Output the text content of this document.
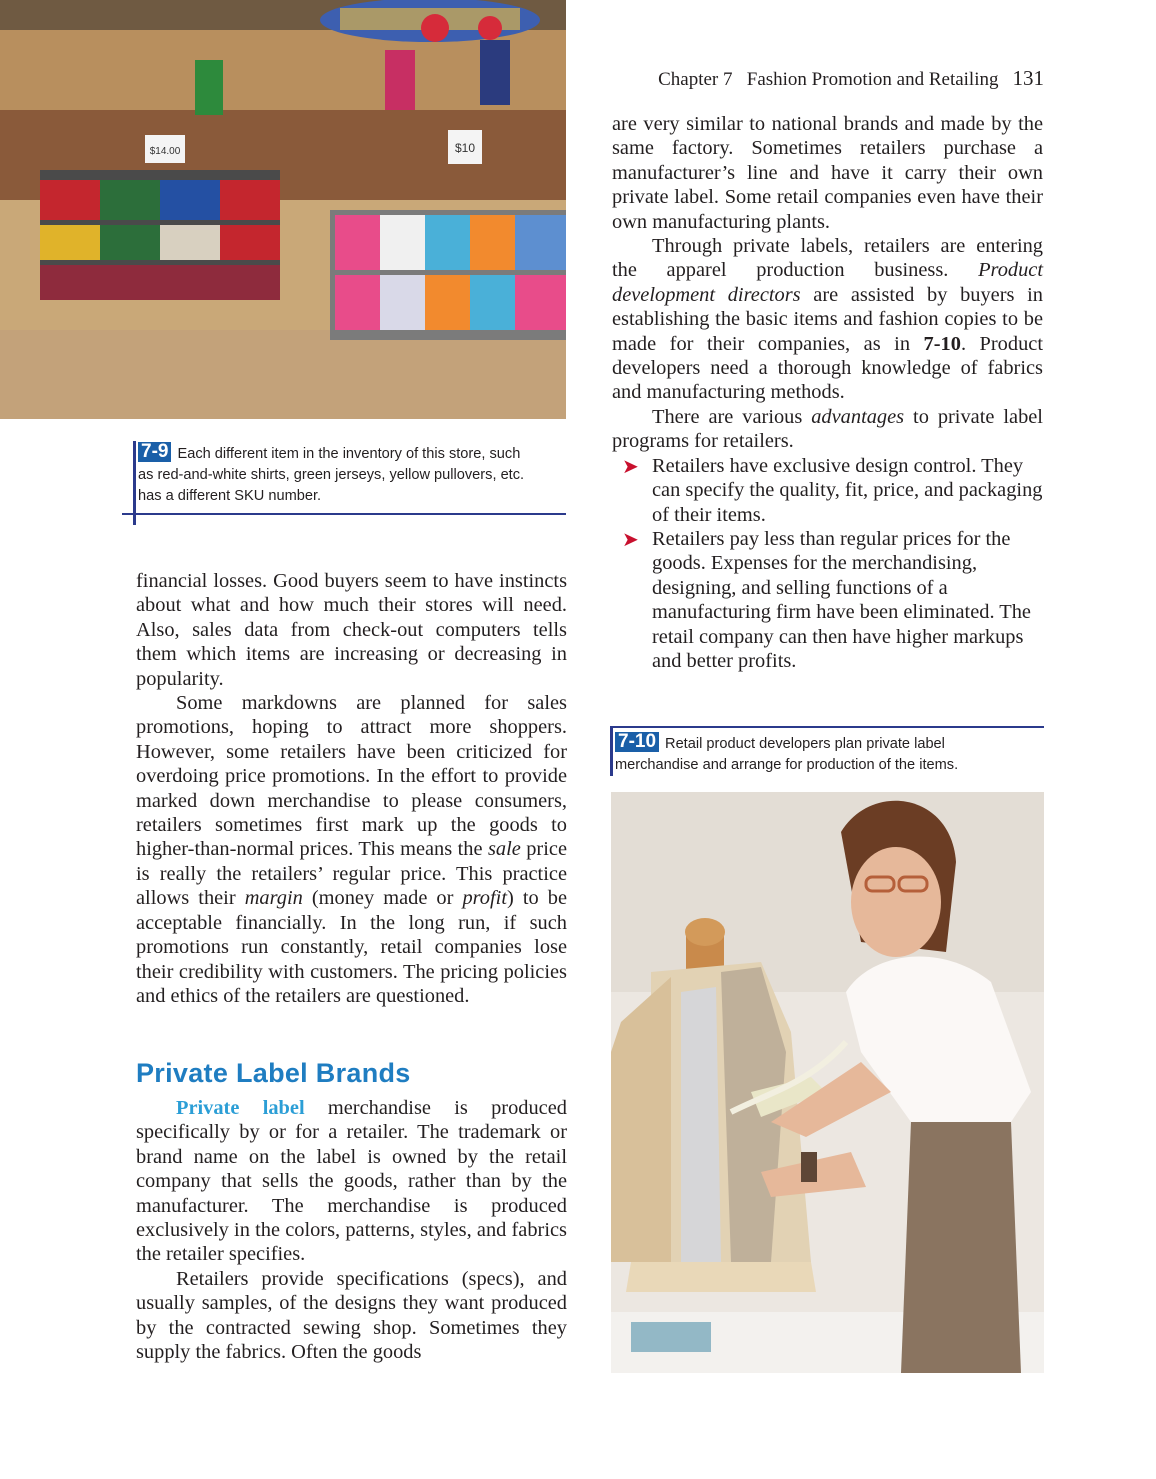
Chapter 7 Fashion Promotion and Retailing 131
$14.00	$10
7-9 Each different item in the inventory of this store, such
as red-and-white shirts, green jerseys, yellow pullovers, etc.
has a different SKU number.

financial losses. Good buyers seem to have instincts about what and how much their stores will need. Also, sales data from check-out computers tells them which items are increasing or decreasing in popularity.

Some markdowns are planned for sales promotions, hoping to attract more shoppers. However, some retailers have been criticized for overdoing price promotions. In the effort to provide marked down merchandise to please consumers, retailers sometimes first mark up the goods to higher-than-normal prices. This means the sale price is really the retailers’ regular price. This practice allows their margin (money made or profit) to be acceptable financially. In the long run, if such promotions run constantly, retail companies lose their credibility with customers. The pricing policies and ethics of the retailers are questioned.

Private Label Brands

Private label merchandise is produced specifically by or for a retailer. The trademark or brand name on the label is owned by the retail company that sells the goods, rather than by the manufacturer. The merchandise is produced exclusively in the colors, patterns, styles, and fabrics the retailer specifies.

Retailers provide specifications (specs), and usually samples, of the designs they want produced by the contracted sewing shop. Sometimes they supply the fabrics. Often the goods

are very similar to national brands and made by the same factory. Sometimes retailers purchase a manufacturer’s line and have it carry their own private label. Some retail companies even have their own manufacturing plants.

Through private labels, retailers are entering the apparel production business. Product development directors are assisted by buyers in establishing the basic items and fashion copies to be made for their companies, as in 7-10. Product developers need a thorough knowledge of fabrics and manufacturing methods.

There are various advantages to private label programs for retailers.

➤ Retailers have exclusive design control. They can specify the quality, fit, price, and packaging of their items.
➤ Retailers pay less than regular prices for the goods. Expenses for the merchandising, designing, and selling functions of a manufacturing firm have been eliminated. The retail company can then have higher markups and better profits.
7-10 Retail product developers plan private label
merchandise and arrange for production of the items.
